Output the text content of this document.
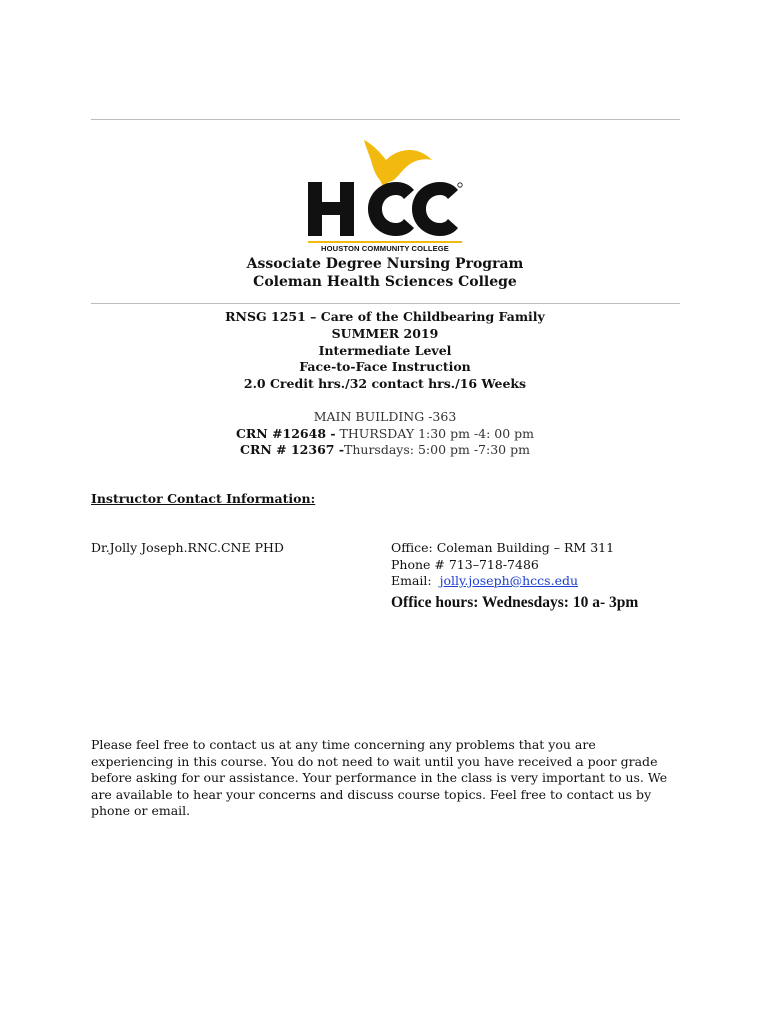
HOUSTON COMMUNITY COLLEGE
Associate Degree Nursing Program
Coleman Health Sciences College
RNSG 1251 – Care of the Childbearing Family
SUMMER 2019
Intermediate Level
Face-to-Face Instruction
2.0 Credit hrs./32 contact hrs./16 Weeks
MAIN BUILDING -363
CRN #12648 - THURSDAY 1:30 pm -4: 00 pm
CRN # 12367 -Thursdays: 5:00 pm -7:30 pm
Instructor Contact Information:
Dr.Jolly Joseph.RNC.CNE PHD	Office: Coleman Building – RM 311
Phone # 713–718-7486
Email:  jolly.joseph@hccs.edu
Office hours: Wednesdays: 10 a- 3pm
Please feel free to contact us at any time concerning any problems that you are experiencing in this course. You do not need to wait until you have received a poor grade before asking for our assistance. Your performance in the class is very important to us. We are available to hear your concerns and discuss course topics. Feel free to contact us by phone or email.
